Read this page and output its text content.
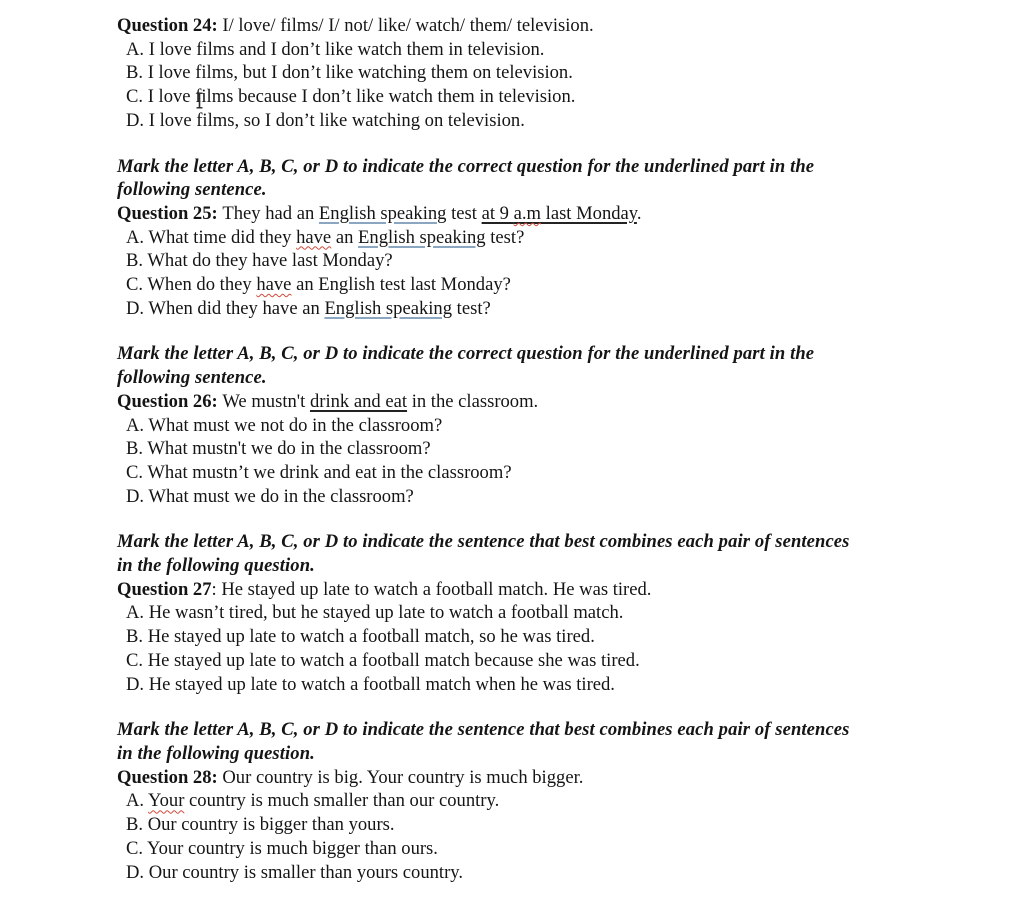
Question 24: I/ love/ films/ I/ not/ like/ watch/ them/ television.
A. I love films and I don’t like watch them in television.
B. I love films, but I don’t like watching them on television.
C. I love films because I don’t like watch them in television.
D. I love films, so I don’t like watching on television.
Mark the letter A, B, C, or D to indicate the correct question for the underlined part in the
following sentence.
Question 25: They had an English speaking test at 9 a.m last Monday.
A. What time did they have an English speaking test?
B. What do they have last Monday?
C. When do they have an English test last Monday?
D. When did they have an English speaking test?
Mark the letter A, B, C, or D to indicate the correct question for the underlined part in the
following sentence.
Question 26: We mustn't drink and eat in the classroom.
A. What must we not do in the classroom?
B. What mustn't we do in the classroom?
C. What mustn’t we drink and eat in the classroom?
D. What must we do in the classroom?
Mark the letter A, B, C, or D to indicate the sentence that best combines each pair of sentences
in the following question.
Question 27: He stayed up late to watch a football match. He was tired.
A. He wasn’t tired, but he stayed up late to watch a football match.
B. He stayed up late to watch a football match, so he was tired.
C. He stayed up late to watch a football match because she was tired.
D. He stayed up late to watch a football match when he was tired.
Mark the letter A, B, C, or D to indicate the sentence that best combines each pair of sentences
in the following question.
Question 28: Our country is big. Your country is much bigger.
A. Your country is much smaller than our country.
B. Our country is bigger than yours.
C. Your country is much bigger than ours.
D. Our country is smaller than yours country.
